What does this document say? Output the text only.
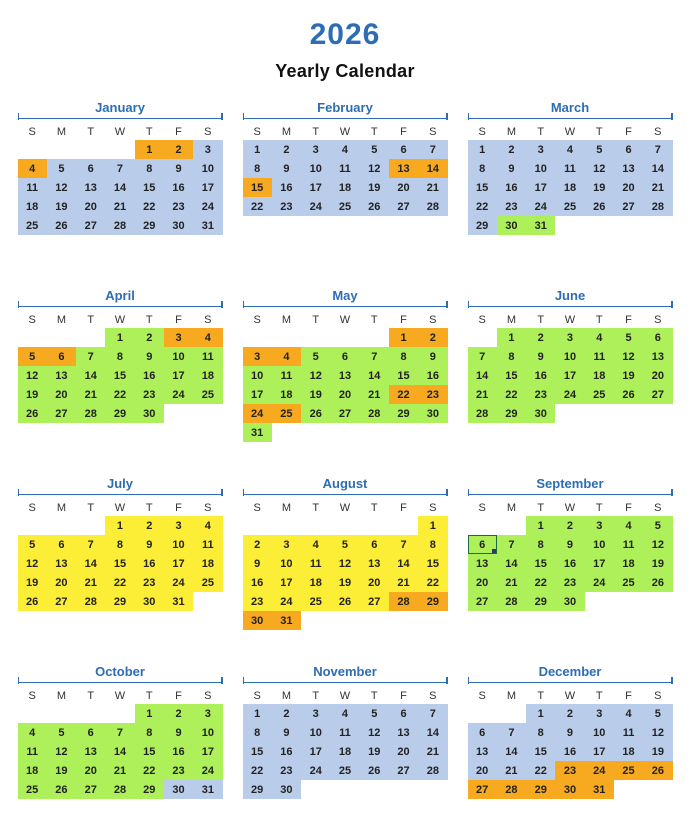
2026
Yearly Calendar
January
S	M	T	W	T	F	S
				1	2	3
4	5	6	7	8	9	10
11	12	13	14	15	16	17
18	19	20	21	22	23	24
25	26	27	28	29	30	31

February
S	M	T	W	T	F	S
1	2	3	4	5	6	7
8	9	10	11	12	13	14
15	16	17	18	19	20	21
22	23	24	25	26	27	28

March
S	M	T	W	T	F	S
1	2	3	4	5	6	7
8	9	10	11	12	13	14
15	16	17	18	19	20	21
22	23	24	25	26	27	28
29	30	31				

April
S	M	T	W	T	F	S
			1	2	3	4
5	6	7	8	9	10	11
12	13	14	15	16	17	18
19	20	21	22	23	24	25
26	27	28	29	30		

May
S	M	T	W	T	F	S
					1	2
3	4	5	6	7	8	9
10	11	12	13	14	15	16
17	18	19	20	21	22	23
24	25	26	27	28	29	30
31						
June
S	M	T	W	T	F	S
	1	2	3	4	5	6
7	8	9	10	11	12	13
14	15	16	17	18	19	20
21	22	23	24	25	26	27
28	29	30				

July
S	M	T	W	T	F	S
			1	2	3	4
5	6	7	8	9	10	11
12	13	14	15	16	17	18
19	20	21	22	23	24	25
26	27	28	29	30	31	

August
S	M	T	W	T	F	S
						1
2	3	4	5	6	7	8
9	10	11	12	13	14	15
16	17	18	19	20	21	22
23	24	25	26	27	28	29
30	31					
September
S	M	T	W	T	F	S
		1	2	3	4	5
6	7	8	9	10	11	12
13	14	15	16	17	18	19
20	21	22	23	24	25	26
27	28	29	30			

October
S	M	T	W	T	F	S
				1	2	3
4	5	6	7	8	9	10
11	12	13	14	15	16	17
18	19	20	21	22	23	24
25	26	27	28	29	30	31

November
S	M	T	W	T	F	S
1	2	3	4	5	6	7
8	9	10	11	12	13	14
15	16	17	18	19	20	21
22	23	24	25	26	27	28
29	30					

December
S	M	T	W	T	F	S
		1	2	3	4	5
6	7	8	9	10	11	12
13	14	15	16	17	18	19
20	21	22	23	24	25	26
27	28	29	30	31		
